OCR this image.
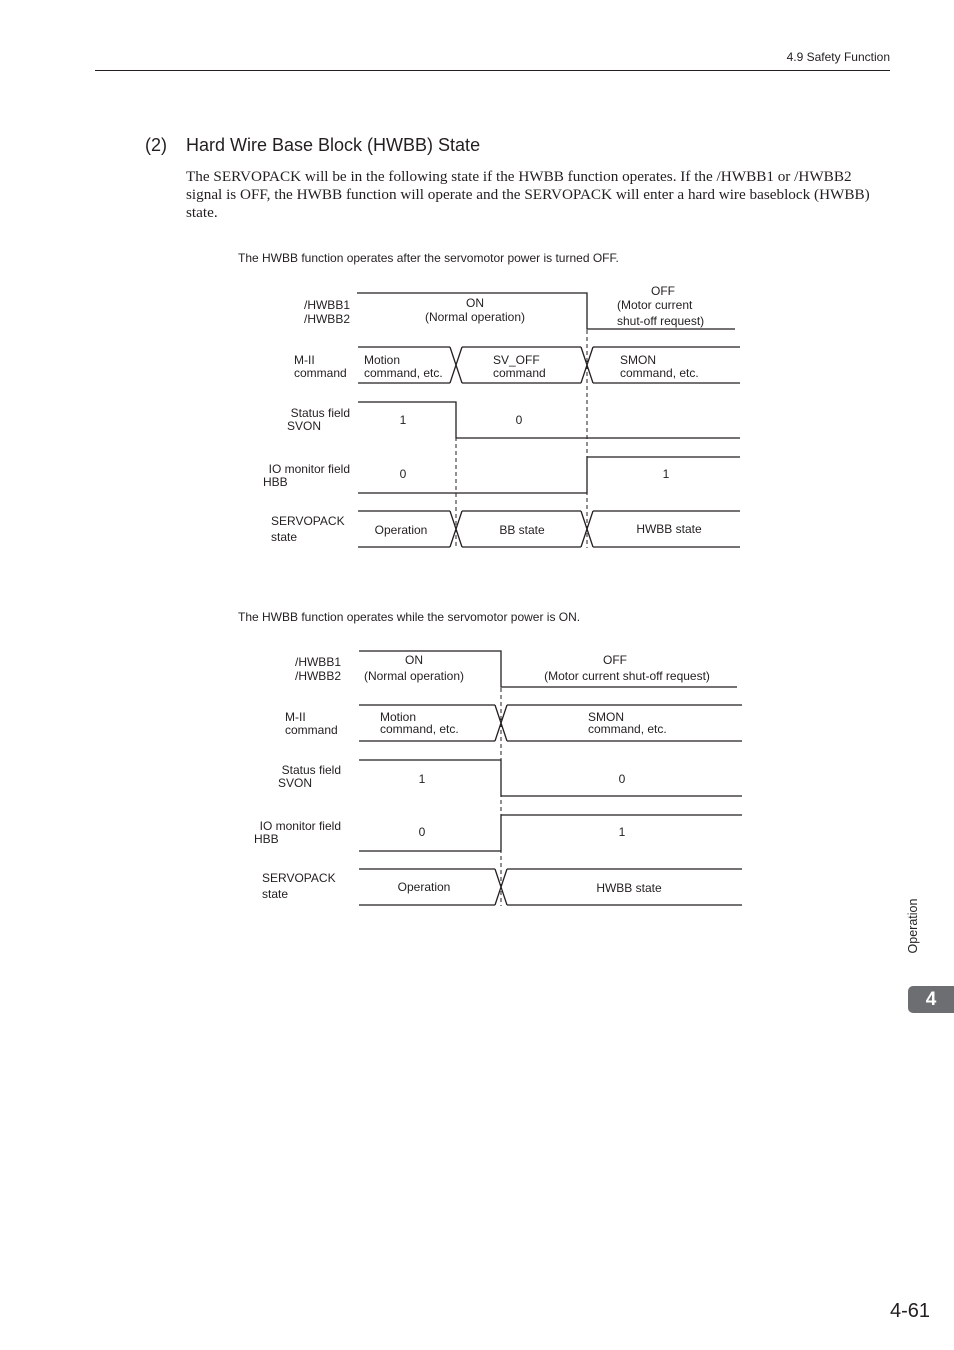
4.9 Safety Function
(2) Hard Wire Base Block (HWBB) State
The SERVOPACK will be in the following state if the HWBB function operates. If the /HWBB1 or /HWBB2 signal is OFF, the HWBB function will operate and the SERVOPACK will enter a hard wire baseblock (HWBB) state.
The HWBB function operates after the servomotor power is turned OFF.
The HWBB function operates while the servomotor power is ON.
/HWBB1
/HWBB2
M-II
command
Status field
SVON
IO monitor field
HBB
SERVOPACK
state
ON
(Normal operation)
OFF
(Motor current
shut-off request)
Motion
command, etc.
SV_OFF
command
SMON
command, etc.
1	0
0	1
Operation	BB state	HWBB state
/HWBB1
/HWBB2
M-II
command
Status field
SVON
IO monitor field
HBB
SERVOPACK
state
ON
(Normal operation)
OFF
(Motor current shut-off request)
Motion
command, etc.
SMON
command, etc.
1	0
0	1
Operation	HWBB state
Operation
4
4-61
